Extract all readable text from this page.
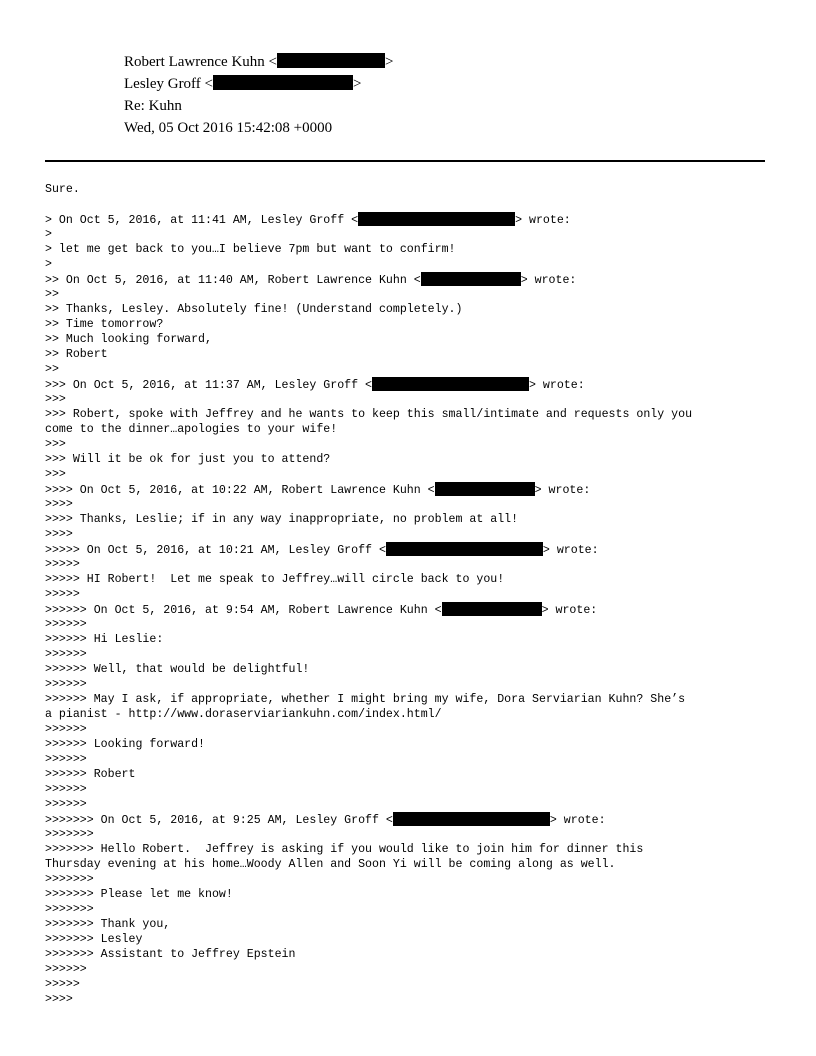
Robert Lawrence Kuhn <	>
Lesley Groff <	>
Re: Kuhn
Wed, 05 Oct 2016 15:42:08 +0000
Sure.
> On Oct 5, 2016, at 11:41 AM, Lesley Groff <	> wrote:
>
> let me get back to you…I believe 7pm but want to confirm!
>
>> On Oct 5, 2016, at 11:40 AM, Robert Lawrence Kuhn <	> wrote:
>>
>> Thanks, Lesley. Absolutely fine! (Understand completely.)
>> Time tomorrow?
>> Much looking forward,
>> Robert
>>
>>> On Oct 5, 2016, at 11:37 AM, Lesley Groff <	> wrote:
>>>
>>> Robert, spoke with Jeffrey and he wants to keep this small/intimate and requests only you
come to the dinner…apologies to your wife!
>>>
>>> Will it be ok for just you to attend?
>>>
>>>> On Oct 5, 2016, at 10:22 AM, Robert Lawrence Kuhn <	> wrote:
>>>>
>>>> Thanks, Leslie; if in any way inappropriate, no problem at all!
>>>>
>>>>> On Oct 5, 2016, at 10:21 AM, Lesley Groff <	> wrote:
>>>>>
>>>>> HI Robert!  Let me speak to Jeffrey…will circle back to you!
>>>>>
>>>>>> On Oct 5, 2016, at 9:54 AM, Robert Lawrence Kuhn <	> wrote:
>>>>>>
>>>>>> Hi Leslie:
>>>>>>
>>>>>> Well, that would be delightful!
>>>>>>
>>>>>> May I ask, if appropriate, whether I might bring my wife, Dora Serviarian Kuhn? She’s
a pianist - http://www.doraserviariankuhn.com/index.html/
>>>>>>
>>>>>> Looking forward!
>>>>>>
>>>>>> Robert
>>>>>>
>>>>>>
>>>>>>> On Oct 5, 2016, at 9:25 AM, Lesley Groff <	> wrote:
>>>>>>>
>>>>>>> Hello Robert.  Jeffrey is asking if you would like to join him for dinner this
Thursday evening at his home…Woody Allen and Soon Yi will be coming along as well.
>>>>>>>
>>>>>>> Please let me know!
>>>>>>>
>>>>>>> Thank you,
>>>>>>> Lesley
>>>>>>> Assistant to Jeffrey Epstein
>>>>>>
>>>>>
>>>>
